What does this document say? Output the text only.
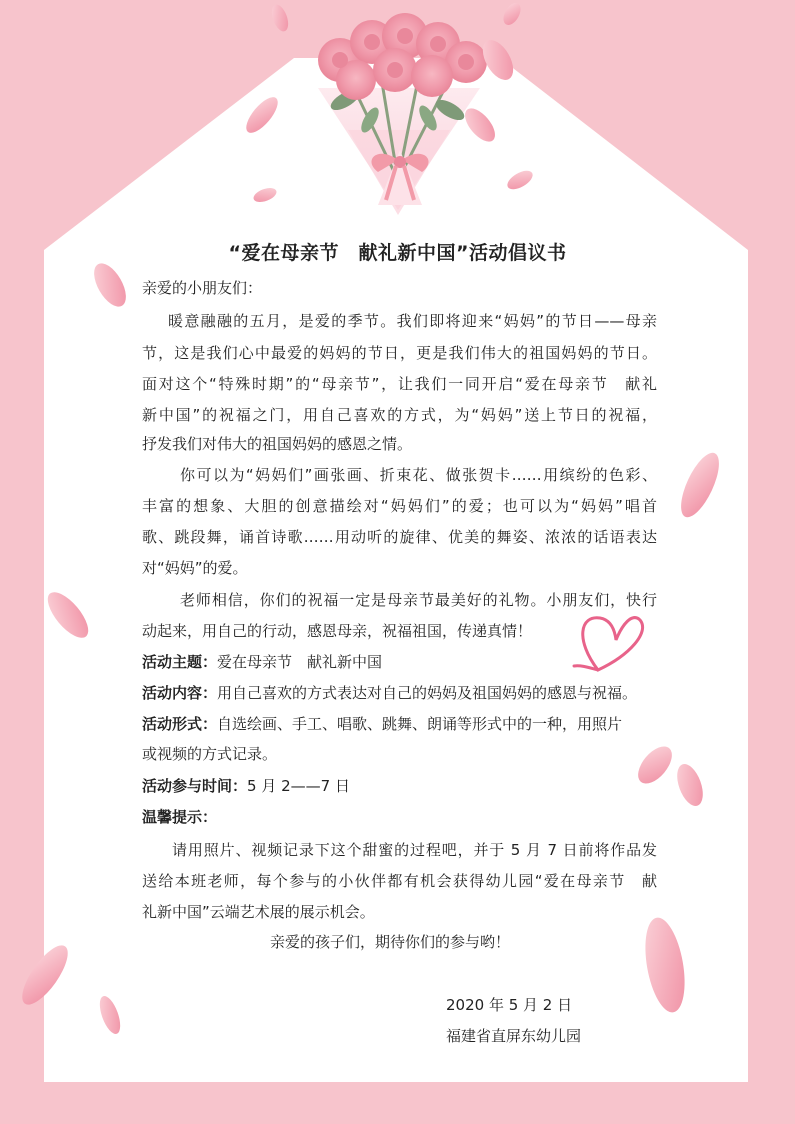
“爱在母亲节　献礼新中国”活动倡议书

亲爱的小朋友们：

暖意融融的五月，是爱的季节。我们即将迎来“妈妈”的节日——母亲

节，这是我们心中最爱的妈妈的节日，更是我们伟大的祖国妈妈的节日。

面对这个“特殊时期”的“母亲节”，让我们一同开启“爱在母亲节　献礼

新中国”的祝福之门，用自己喜欢的方式，为“妈妈”送上节日的祝福，

抒发我们对伟大的祖国妈妈的感恩之情。

你可以为“妈妈们”画张画、折束花、做张贺卡……用缤纷的色彩、

丰富的想象、大胆的创意描绘对“妈妈们”的爱；也可以为“妈妈”唱首

歌、跳段舞，诵首诗歌……用动听的旋律、优美的舞姿、浓浓的话语表达

对“妈妈”的爱。

老师相信，你们的祝福一定是母亲节最美好的礼物。小朋友们，快行

动起来，用自己的行动，感恩母亲，祝福祖国，传递真情！

活动主题：爱在母亲节　献礼新中国

活动内容：用自己喜欢的方式表达对自己的妈妈及祖国妈妈的感恩与祝福。

活动形式：自选绘画、手工、唱歌、跳舞、朗诵等形式中的一种，用照片

或视频的方式记录。

活动参与时间：5 月 2——7 日

温馨提示：

请用照片、视频记录下这个甜蜜的过程吧，并于 5 月 7 日前将作品发

送给本班老师，每个参与的小伙伴都有机会获得幼儿园“爱在母亲节　献

礼新中国”云端艺术展的展示机会。

亲爱的孩子们，期待你们的参与哟！

2020 年 5 月 2 日

福建省直屏东幼儿园
